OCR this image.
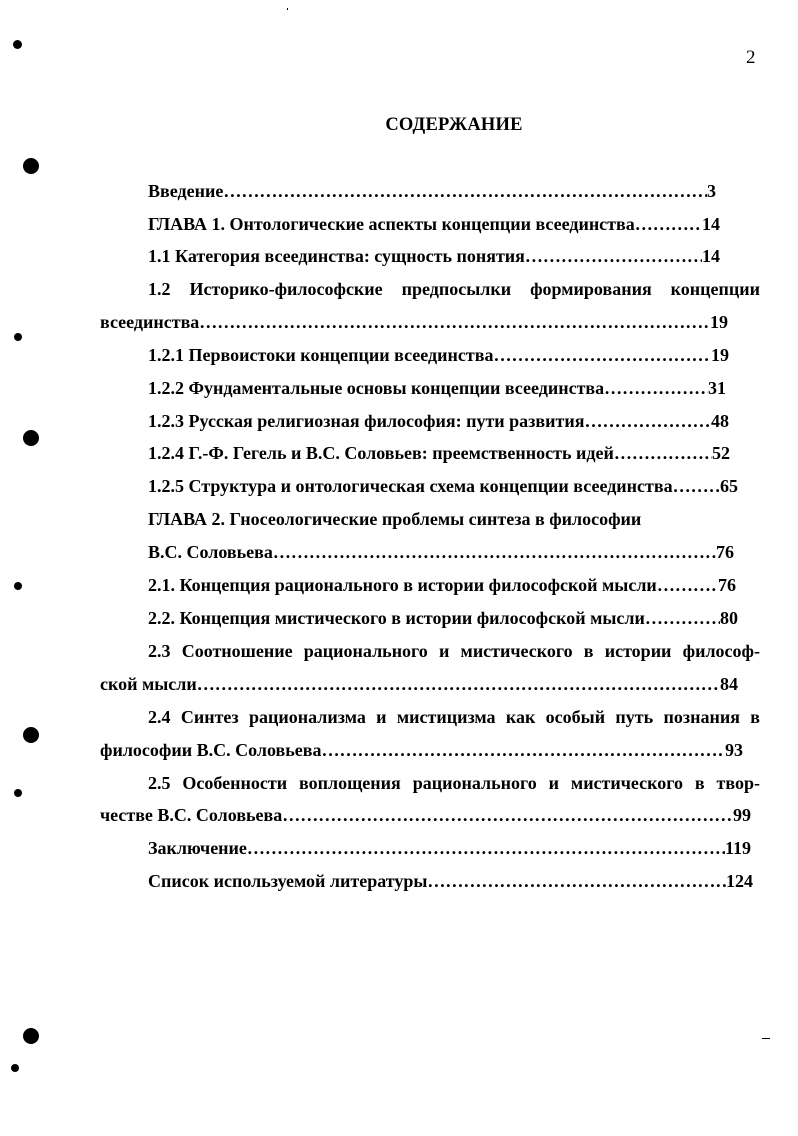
2
СОДЕРЖАНИЕ
Введение …………………………………………………………………………………………………………………………………………………………………………	3
ГЛАВА 1. Онтологические аспекты концепции всеединства …………………………………………………………………………………………………………………………………………………………………………	14
1.1 Категория всеединства: сущность понятия …………………………………………………………………………………………………………………………………………………………………………	14
1.2 Историко-философские предпосылки формирования концепции
всеединства …………………………………………………………………………………………………………………………………………………………………………	19
1.2.1 Первоистоки концепции всеединства …………………………………………………………………………………………………………………………………………………………………………	19
1.2.2 Фундаментальные основы концепции всеединства …………………………………………………………………………………………………………………………………………………………………………	31
1.2.3 Русская религиозная философия: пути развития …………………………………………………………………………………………………………………………………………………………………………	48
1.2.4 Г.-Ф. Гегель и В.С. Соловьев: преемственность идей …………………………………………………………………………………………………………………………………………………………………………	52
1.2.5 Структура и онтологическая схема концепции всеединства …………………………………………………………………………………………………………………………………………………………………………	65
ГЛАВА 2. Гносеологические проблемы синтеза в философии
В.С. Соловьева …………………………………………………………………………………………………………………………………………………………………………	76
2.1. Концепция рационального в истории философской мысли …………………………………………………………………………………………………………………………………………………………………………	76
2.2. Концепция мистического в истории философской мысли …………………………………………………………………………………………………………………………………………………………………………	80
2.3 Соотношение рационального и мистического в истории философ-
ской мысли …………………………………………………………………………………………………………………………………………………………………………	84
2.4 Синтез рационализма и мистицизма как особый путь познания в
философии В.С. Соловьева …………………………………………………………………………………………………………………………………………………………………………	93
2.5 Особенности воплощения рационального и мистического в твор-
честве В.С. Соловьева …………………………………………………………………………………………………………………………………………………………………………	99
Заключение …………………………………………………………………………………………………………………………………………………………………………	119
Список используемой литературы …………………………………………………………………………………………………………………………………………………………………………	124
